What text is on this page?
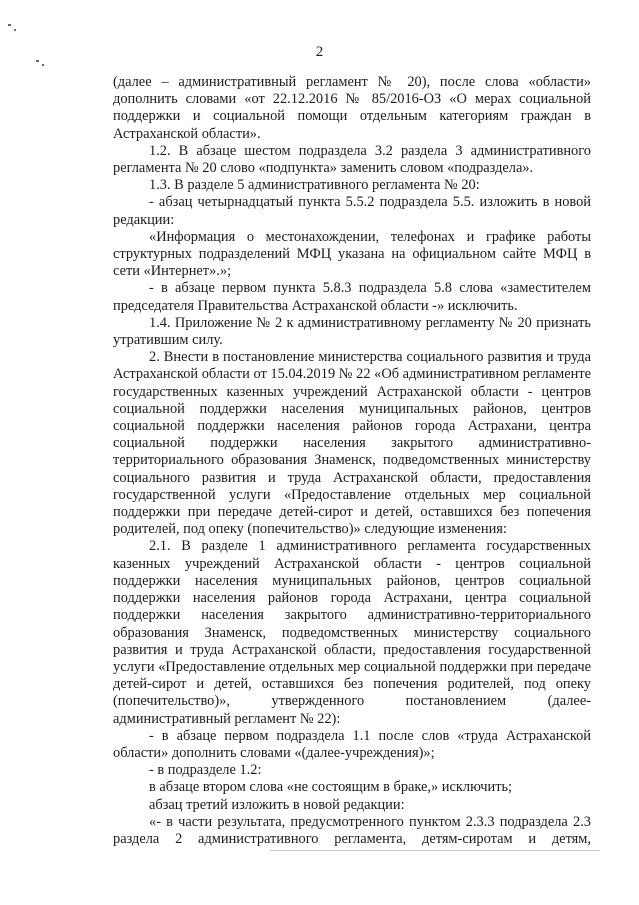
2

(далее – административный регламент № 20), после слова «области» дополнить словами «от 22.12.2016 № 85/2016-ОЗ «О мерах социальной поддержки и социальной помощи отдельным категориям граждан в Астраханской области».

1.2. В абзаце шестом подраздела 3.2 раздела 3 административного регламента № 20 слово «подпункта» заменить словом «подраздела».

1.3. В разделе 5 административного регламента № 20:

- абзац четырнадцатый пункта 5.5.2 подраздела 5.5. изложить в новой редакции:

«Информация о местонахождении, телефонах и графике работы структурных подразделений МФЦ указана на официальном сайте МФЦ в сети «Интернет».»;

- в абзаце первом пункта 5.8.3 подраздела 5.8 слова «заместителем председателя Правительства Астраханской области -» исключить.

1.4. Приложение № 2 к административному регламенту № 20 признать утратившим силу.

2. Внести в постановление министерства социального развития и труда Астраханской области от 15.04.2019 № 22 «Об административном регламенте государственных казенных учреждений Астраханской области - центров социальной поддержки населения муниципальных районов, центров социальной поддержки населения районов города Астрахани, центра социальной поддержки населения закрытого административно-территориального образования Знаменск, подведомственных министерству социального развития и труда Астраханской области, предоставления государственной услуги «Предоставление отдельных мер социальной поддержки при передаче детей-сирот и детей, оставшихся без попечения родителей, под опеку (попечительство)» следующие изменения:

2.1. В разделе 1 административного регламента государственных казенных учреждений Астраханской области - центров социальной поддержки населения муниципальных районов, центров социальной поддержки населения районов города Астрахани, центра социальной поддержки населения закрытого административно-территориального образования Знаменск, подведомственных министерству социального развития и труда Астраханской области, предоставления государственной услуги «Предоставление отдельных мер социальной поддержки при передаче детей-сирот и детей, оставшихся без попечения родителей, под опеку (попечительство)», утвержденного постановлением (далее-административный регламент № 22):

- в абзаце первом подраздела 1.1 после слов «труда Астраханской области» дополнить словами «(далее-учреждения)»;

- в подразделе 1.2:

в абзаце втором слова «не состоящим в браке,» исключить;

абзац третий изложить в новой редакции:

«- в части результата, предусмотренного пунктом 2.3.3 подраздела 2.3 раздела 2 административного регламента, детям-сиротам и детям,
